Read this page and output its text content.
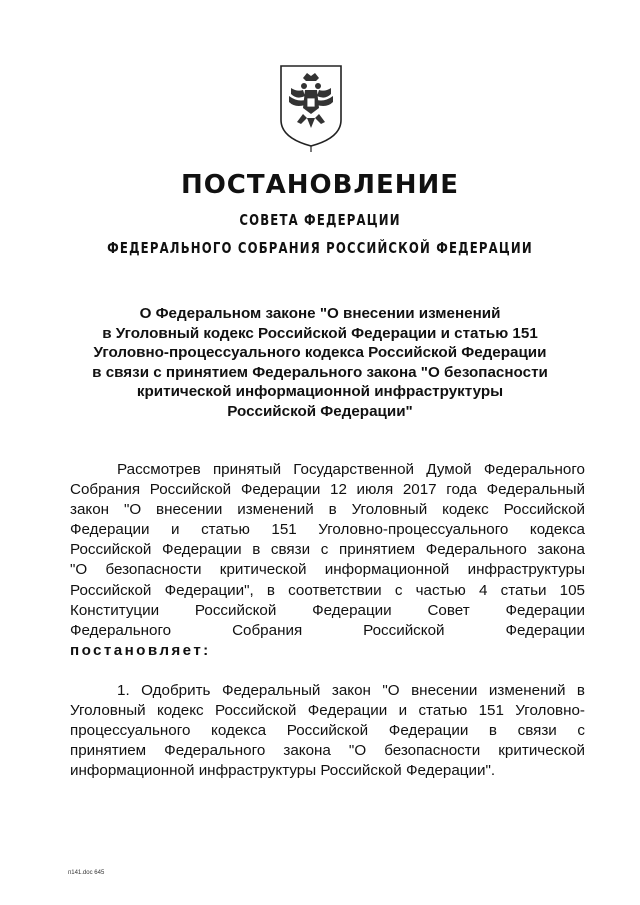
ПОСТАНОВЛЕНИЕ
СОВЕТА ФЕДЕРАЦИИ
ФЕДЕРАЛЬНОГО СОБРАНИЯ РОССИЙСКОЙ ФЕДЕРАЦИИ
О Федеральном законе "О внесении изменений
в Уголовный кодекс Российской Федерации и статью 151
Уголовно-процессуального кодекса Российской Федерации
в связи с принятием Федерального закона "О безопасности
критической информационной инфраструктуры
Российской Федерации"
Рассмотрев принятый Государственной Думой Федерального
Собрания Российской Федерации 12 июля 2017 года Федеральный
закон "О внесении изменений в Уголовный кодекс Российской
Федерации и статью 151 Уголовно-процессуального кодекса
Российской Федерации в связи с принятием Федерального закона
"О безопасности критической информационной инфраструктуры
Российской Федерации", в соответствии с частью 4 статьи 105
Конституции Российской Федерации Совет Федерации
Федерального Собрания Российской Федерации
постановляет:
1. Одобрить Федеральный закон "О внесении изменений в
Уголовный кодекс Российской Федерации и статью 151 Уголовно-
процессуального кодекса Российской Федерации в связи с
принятием Федерального закона "О безопасности критической
информационной инфраструктуры Российской Федерации".
п141.doc 645
